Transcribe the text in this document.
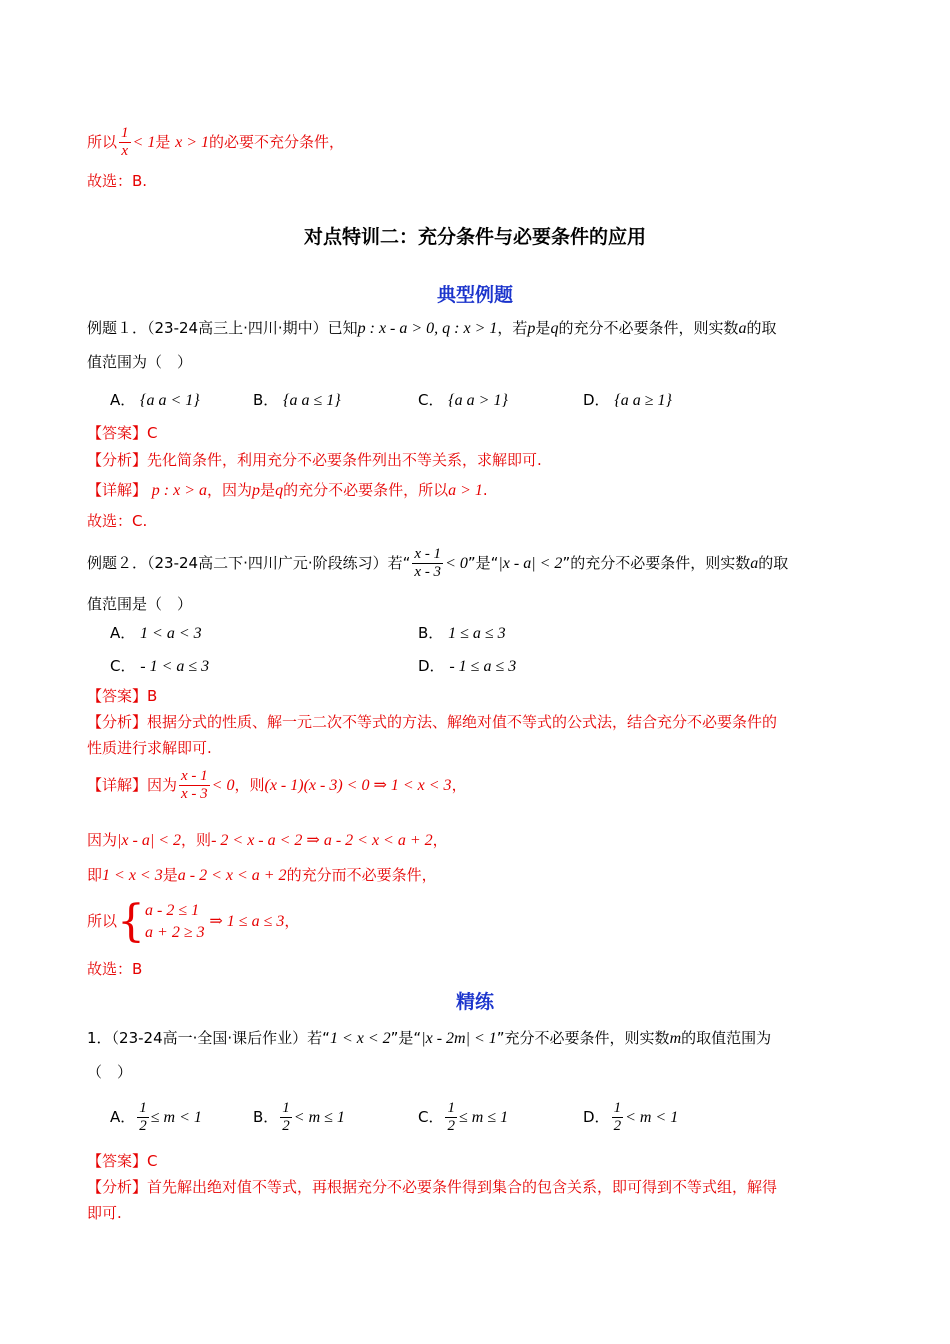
所以 $\frac{1}{x} < 1$是 x > 1的必要不充分条件，
故选：B.
对点特训二：充分条件与必要条件的应用
典型例题
例题１．（23-24高三上·四川·期中）已知p : x - a > 0, q : x > 1，若p是q的充分不必要条件，则实数a的取
值范围为（　）
A． {a a < 1}	B． {a a ≤ 1}	C． {a a > 1}	D． {a a ≥ 1}
【答案】C
【分析】先化简条件，利用充分不必要条件列出不等关系，求解即可.
【详解】 p : x > a，因为p是q的充分不必要条件，所以a > 1.
故选：C.
例题２．（23-24高二下·四川广元·阶段练习）若“ $\frac{x - 1}{x - 3} < 0$”是“|x - a| < 2”的充分不必要条件，则实数a的取
值范围是（　）
A． 1 < a < 3	B． 1 ≤ a ≤ 3
C． - 1 < a ≤ 3	D． - 1 ≤ a ≤ 3
【答案】B
【分析】根据分式的性质、解一元二次不等式的方法、解绝对值不等式的公式法，结合充分不必要条件的
性质进行求解即可.
【详解】因为 $\frac{x - 1}{x - 3} < 0$，则(x - 1)(x - 3) < 0 ⇒ 1 < x < 3，
因为|x - a| < 2，则- 2 < x - a < 2 ⇒ a - 2 < x < a + 2，
即1 < x < 3是a - 2 < x < a + 2的充分而不必要条件，
所以{ a - 2 ≤ 1
a + 2 ≥ 3
⇒ 1 ≤ a ≤ 3，
故选：B
精练
1．（23-24高一·全国·课后作业）若“1 < x < 2”是“|x - 2m| < 1”充分不必要条件，则实数m的取值范围为
（　）
A． $\frac{1}{2} \le m < 1$	B． $\frac{1}{2} < m \le 1$	C． $\frac{1}{2} \le m \le 1$	D． $\frac{1}{2} < m < 1$
【答案】C
【分析】首先解出绝对值不等式，再根据充分不必要条件得到集合的包含关系，即可得到不等式组，解得
即可.
